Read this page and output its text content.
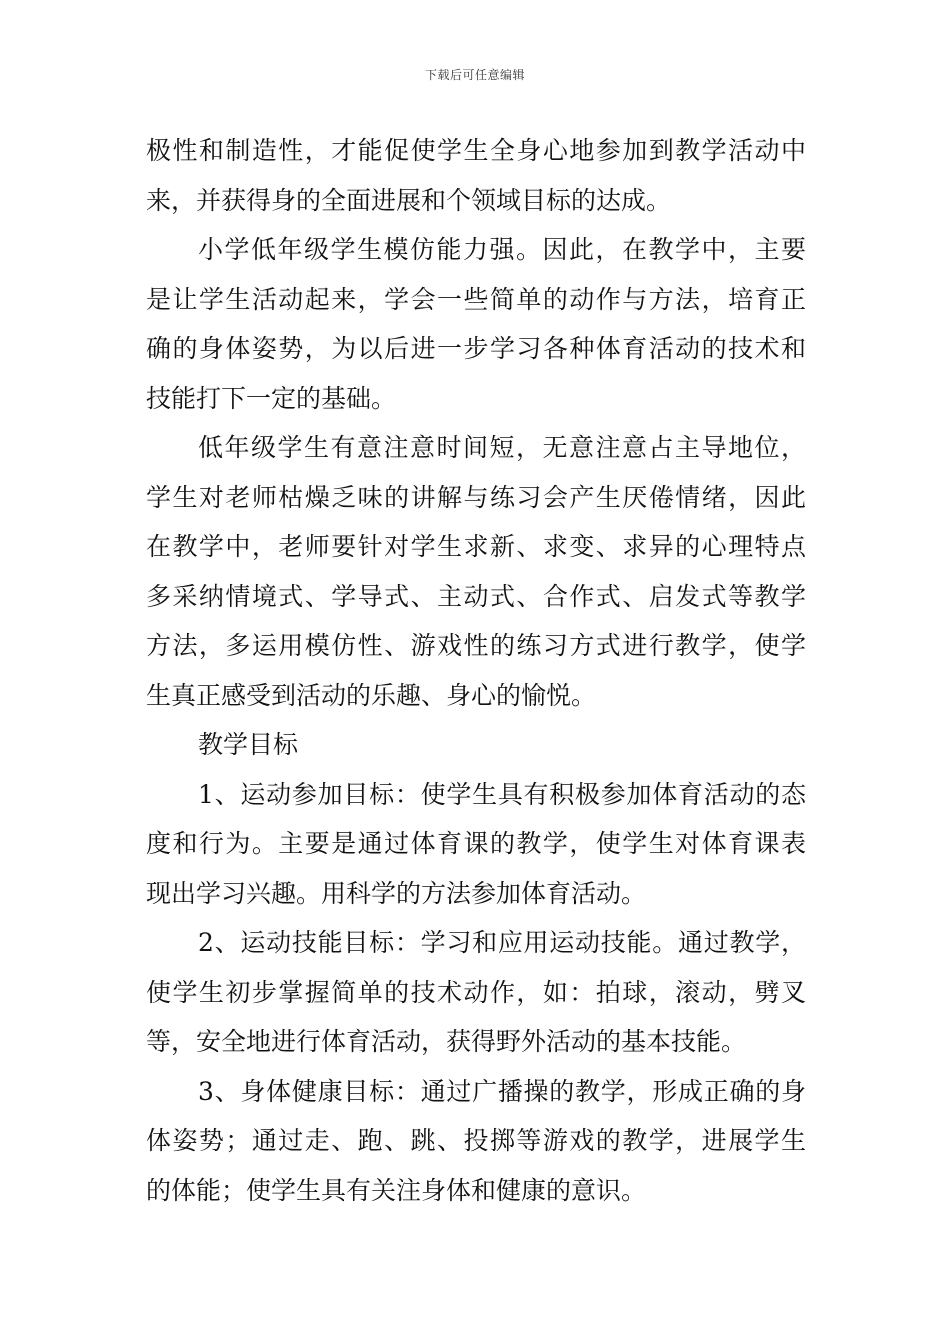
下载后可任意编辑
极性和制造性，才能促使学生全身心地参加到教学活动中
来，并获得身的全面进展和个领域目标的达成。
小学低年级学生模仿能力强。因此，在教学中，主要
是让学生活动起来，学会一些简单的动作与方法，培育正
确的身体姿势，为以后进一步学习各种体育活动的技术和
技能打下一定的基础。
低年级学生有意注意时间短，无意注意占主导地位，
学生对老师枯燥乏味的讲解与练习会产生厌倦情绪，因此
在教学中，老师要针对学生求新、求变、求异的心理特点
多采纳情境式、学导式、主动式、合作式、启发式等教学
方法，多运用模仿性、游戏性的练习方式进行教学，使学
生真正感受到活动的乐趣、身心的愉悦。
教学目标
1、运动参加目标：使学生具有积极参加体育活动的态
度和行为。主要是通过体育课的教学，使学生对体育课表
现出学习兴趣。用科学的方法参加体育活动。
2、运动技能目标：学习和应用运动技能。通过教学，
使学生初步掌握简单的技术动作，如：拍球，滚动，劈叉
等，安全地进行体育活动，获得野外活动的基本技能。
3、身体健康目标：通过广播操的教学，形成正确的身
体姿势；通过走、跑、跳、投掷等游戏的教学，进展学生
的体能；使学生具有关注身体和健康的意识。
